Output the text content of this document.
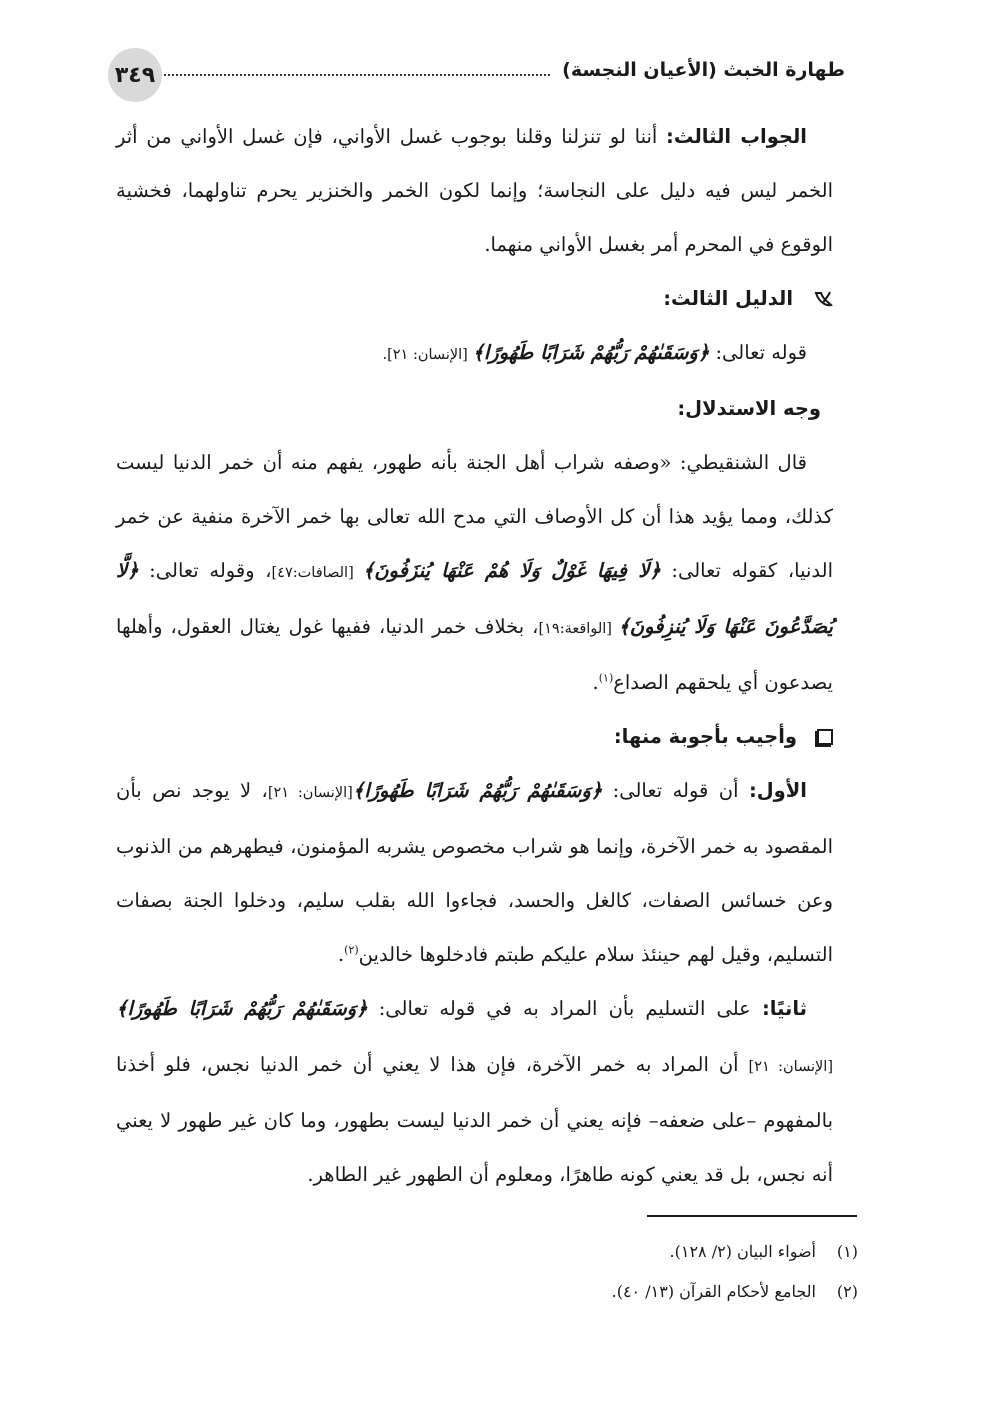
طهارة الخبث (الأعيان النجسة)
٣٤٩

الجواب الثالث: أننا لو تنزلنا وقلنا بوجوب غسل الأواني، فإن غسل الأواني من أثر الخمر ليس فيه دليل على النجاسة؛ وإنما لكون الخمر والخنزير يحرم تناولهما، فخشية الوقوع في المحرم أمر بغسل الأواني منهما.

الدليل الثالث:

قوله تعالى: ﴿وَسَقَىٰهُمْ رَبُّهُمْ شَرَابًا طَهُورًا﴾ [الإنسان: ٢١].

وجه الاستدلال:

قال الشنقيطي: «وصفه شراب أهل الجنة بأنه طهور، يفهم منه أن خمر الدنيا ليست كذلك، ومما يؤيد هذا أن كل الأوصاف التي مدح الله تعالى بها خمر الآخرة منفية عن خمر الدنيا، كقوله تعالى: ﴿لَا فِيهَا غَوْلٌ وَلَا هُمْ عَنْهَا يُنزَفُونَ﴾ [الصافات:٤٧]، وقوله تعالى: ﴿لَّا يُصَدَّعُونَ عَنْهَا وَلَا يُنزِفُونَ﴾ [الواقعة:١٩]، بخلاف خمر الدنيا، ففيها غول يغتال العقول، وأهلها يصدعون أي يلحقهم الصداع$^{(١)}$.

وأجيب بأجوبة منها:

الأول: أن قوله تعالى: ﴿وَسَقَىٰهُمْ رَبُّهُمْ شَرَابًا طَهُورًا﴾[الإنسان: ٢١]، لا يوجد نص بأن المقصود به خمر الآخرة، وإنما هو شراب مخصوص يشربه المؤمنون، فيطهرهم من الذنوب وعن خسائس الصفات، كالغل والحسد، فجاءوا الله بقلب سليم، ودخلوا الجنة بصفات التسليم، وقيل لهم حينئذ سلام عليكم طبتم فادخلوها خالدين$^{(٢)}$.

ثانيًا: على التسليم بأن المراد به في قوله تعالى: ﴿وَسَقَىٰهُمْ رَبُّهُمْ شَرَابًا طَهُورًا﴾ [الإنسان: ٢١] أن المراد به خمر الآخرة، فإن هذا لا يعني أن خمر الدنيا نجس، فلو أخذنا بالمفهوم –على ضعفه– فإنه يعني أن خمر الدنيا ليست بطهور، وما كان غير طهور لا يعني أنه نجس، بل قد يعني كونه طاهرًا، ومعلوم أن الطهور غير الطاهر.

(١)
أضواء البيان (٢/ ١٢٨).
(٢)
الجامع لأحكام القرآن (١٣/ ٤٠).
